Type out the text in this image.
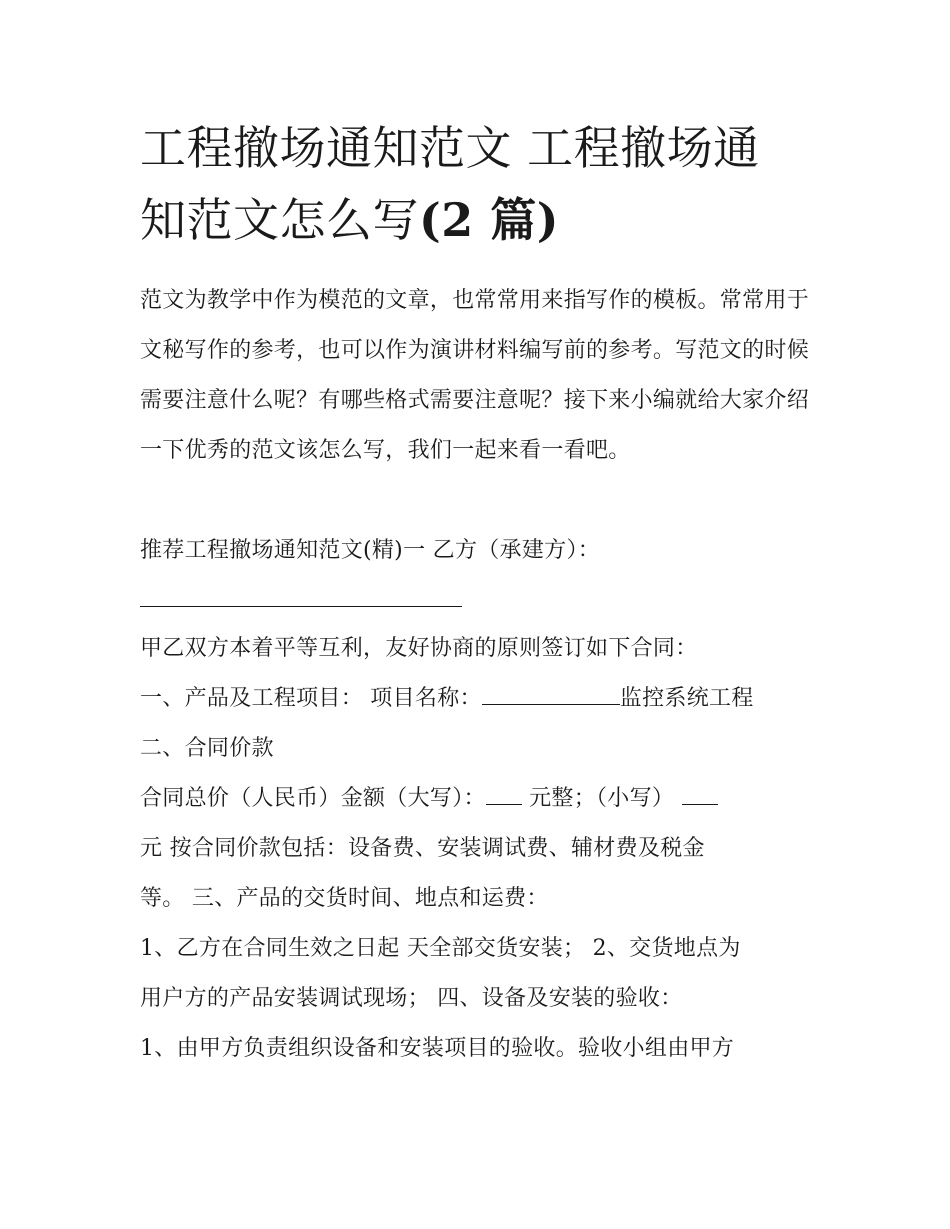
工程撤场通知范文 工程撤场通
知范文怎么写(2 篇)

范文为教学中作为模范的文章，也常常用来指写作的模板。常常用于文秘写作的参考，也可以作为演讲材料编写前的参考。写范文的时候需要注意什么呢？有哪些格式需要注意呢？接下来小编就给大家介绍一下优秀的范文该怎么写，我们一起来看一看吧。

推荐工程撤场通知范文(精)一 乙方（承建方）：

甲乙双方本着平等互利，友好协商的原则签订如下合同：
一、产品及工程项目： 项目名称：	监控系统工程
二、合同价款
合同总价（人民币）金额（大写）： 元整；（小写）
元 按合同价款包括：设备费、安装调试费、辅材费及税金
等。 三、产品的交货时间、地点和运费：
1、乙方在合同生效之日起 天全部交货安装； 2、交货地点为
用户方的产品安装调试现场； 四、设备及安装的验收：
1、由甲方负责组织设备和安装项目的验收。验收小组由甲方
